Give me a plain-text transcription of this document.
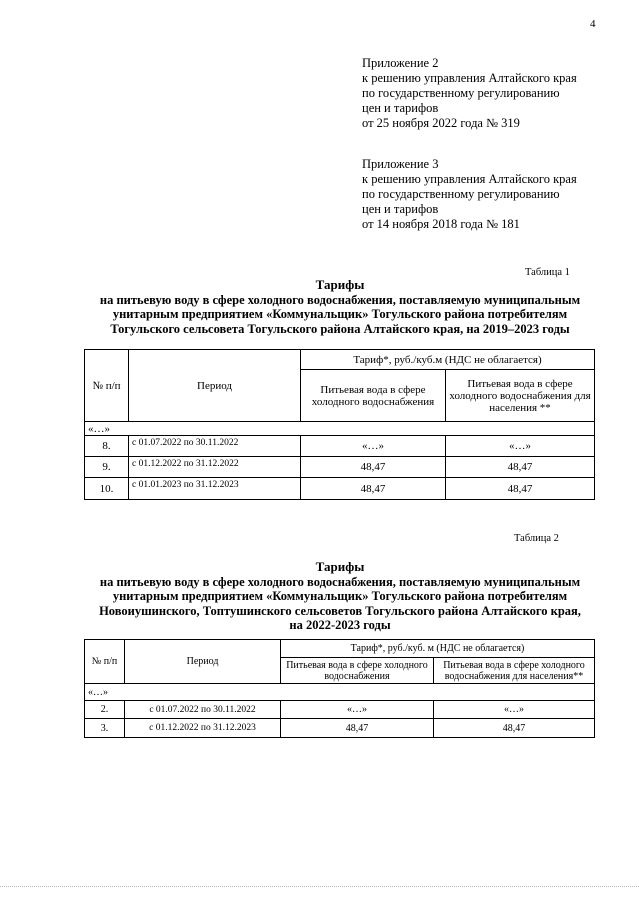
4
Приложение 2
к решению управления Алтайского края
по государственному регулированию
цен и тарифов
от 25 ноября 2022 года № 319
Приложение 3
к решению управления Алтайского края
по государственному регулированию
цен и тарифов
от 14 ноября 2018 года № 181
Таблица 1
Тарифы
на питьевую воду в сфере холодного водоснабжения, поставляемую муниципальным
унитарным предприятием «Коммунальщик» Тогульского района потребителям
Тогульского сельсовета Тогульского района Алтайского края, на 2019–2023 годы
№ п/п	Период	Тариф*, руб./куб.м (НДС не облагается)	
		Питьевая вода в сфере холодного водоснабжения	Питьевая вода в сфере холодного водоснабжения для населения **
«…»			
8.	с 01.07.2022 по 30.11.2022	«…»	«…»
9.	с 01.12.2022 по 31.12.2022	48,47	48,47
10.	с 01.01.2023 по 31.12.2023	48,47	48,47
Таблица 2
Тарифы
на питьевую воду в сфере холодного водоснабжения, поставляемую муниципальным
унитарным предприятием «Коммунальщик» Тогульского района потребителям
Новоиушинского, Топтушинского сельсоветов Тогульского района Алтайского края,
на 2022-2023 годы
№ п/п	Период	Тариф*, руб./куб. м (НДС не облагается)	
		Питьевая вода в сфере холодного водоснабжения	Питьевая вода в сфере холодного водоснабжения для населения**
«…»			
2.	с 01.07.2022 по 30.11.2022	«…»	«…»
3.	с 01.12.2022 по 31.12.2023	48,47	48,47
